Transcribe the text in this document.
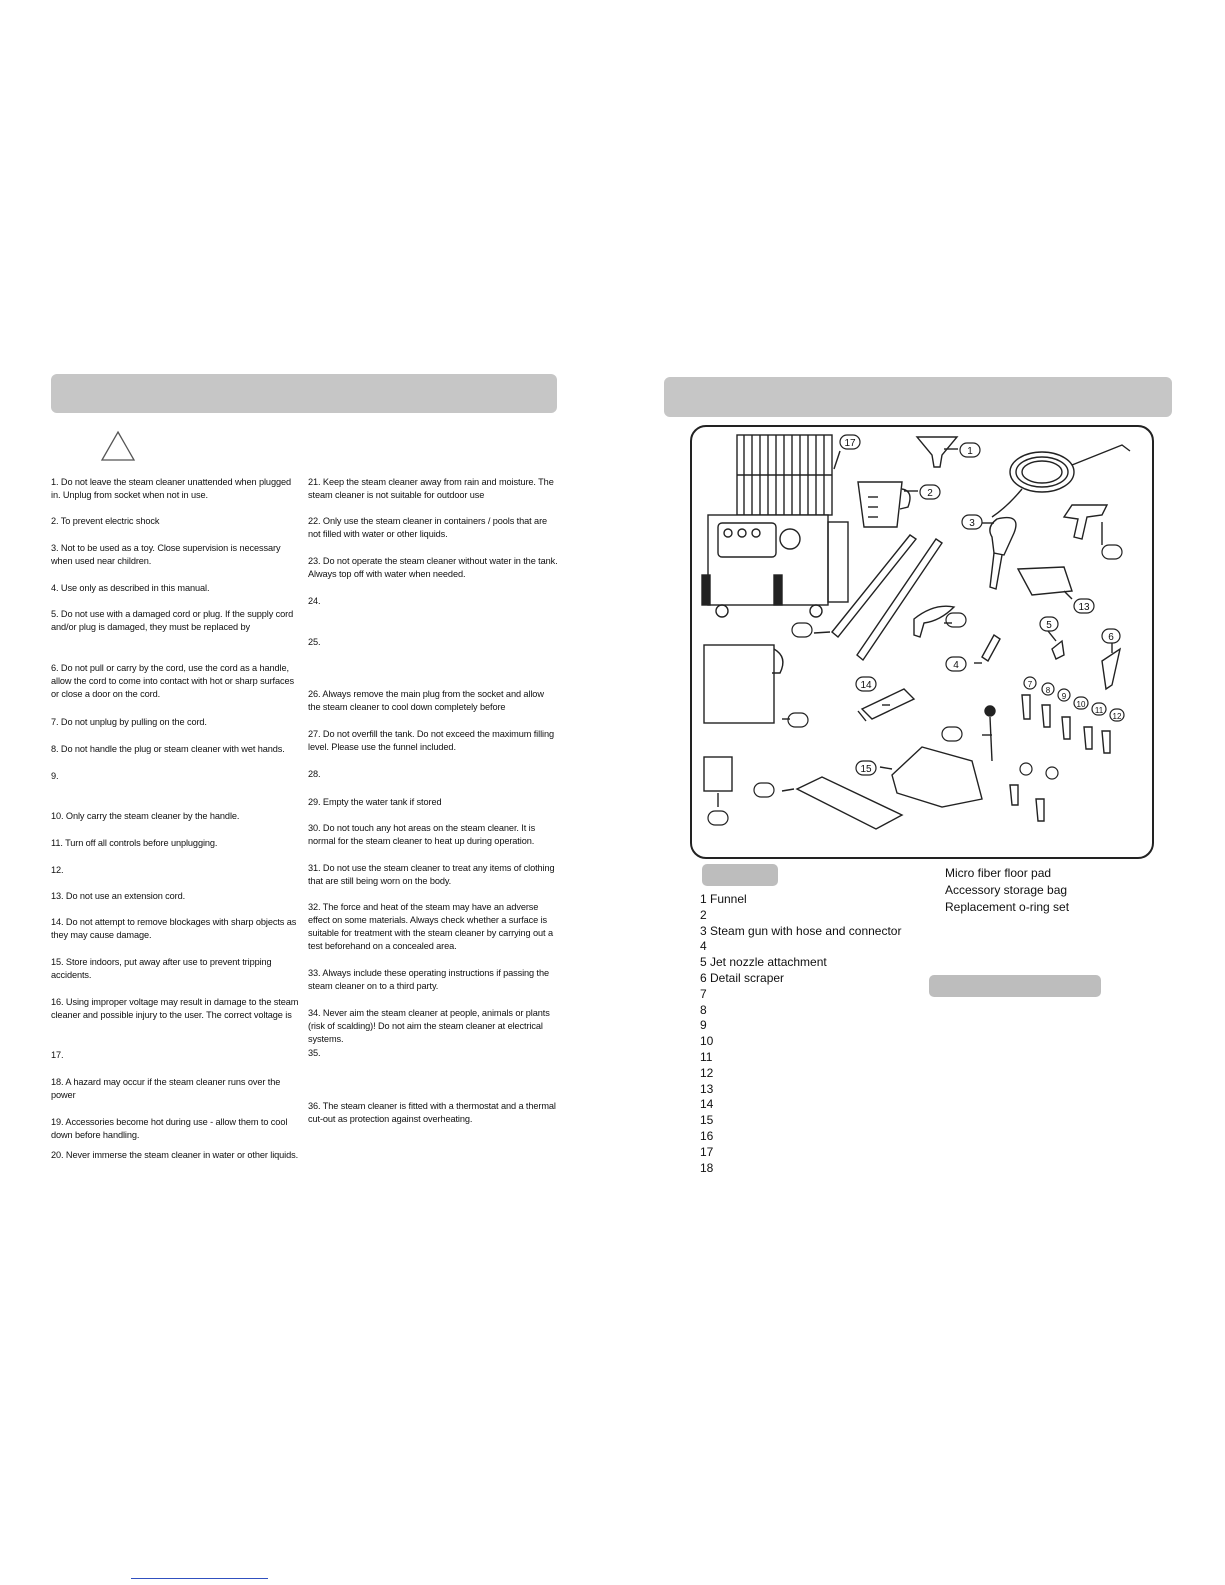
1. Do not leave the steam cleaner unattended when plugged in. Unplug from socket when not in use.
2. To prevent electric shock
3. Not to be used as a toy. Close supervision is necessary when used near children.
4. Use only as described in this manual.
5. Do not use with a damaged cord or plug. If the supply cord and/or plug is damaged, they must be replaced by
6. Do not pull or carry by the cord, use the cord as a handle, allow the cord to come into contact with hot or sharp surfaces or close a door on the cord.
7. Do not unplug by pulling on the cord.
8. Do not handle the plug or steam cleaner with wet hands.
9.
10. Only carry the steam cleaner by the handle.
11. Turn off all controls before unplugging.
12.
13. Do not use an extension cord.
14. Do not attempt to remove blockages with sharp objects as they may cause damage.
15. Store indoors, put away after use to prevent tripping accidents.
16. Using improper voltage may result in damage to the steam cleaner and possible injury to the user. The correct voltage is
17.
18. A hazard may occur if the steam cleaner runs over the power
19. Accessories become hot during use - allow them to cool down before handling.
20. Never immerse the steam cleaner in water or other liquids.
21. Keep the steam cleaner away from rain and moisture. The steam cleaner is not suitable for outdoor use
22. Only use the steam cleaner in containers / pools that are not filled with water or other liquids.
23. Do not operate the steam cleaner without water in the tank. Always top off with water when needed.
24.
25.
26. Always remove the main plug from the socket and allow the steam cleaner to cool down completely before
27. Do not overfill the tank. Do not exceed the maximum filling level. Please use the funnel included.
28.
29. Empty the water tank if stored
30. Do not touch any hot areas on the steam cleaner. It is normal for the steam cleaner to heat up during operation.
31. Do not use the steam cleaner to treat any items of clothing that are still being worn on the body.
32. The force and heat of the steam may have an adverse effect on some materials. Always check whether a surface is suitable for treatment with the steam cleaner by carrying out a test beforehand on a concealed area.
33. Always include these operating instructions if passing the steam cleaner on to a third party.
34. Never aim the steam cleaner at people, animals or plants (risk of scalding)! Do not aim the steam cleaner at electrical systems.
35.
36. The steam cleaner is fitted with a thermostat and a thermal cut-out as protection against overheating.
17
1
2
3
13
5
6
4
7
8
9
10
11
12
14
15
1 Funnel
2
3 Steam gun with hose and connector
4
5 Jet nozzle attachment
6 Detail scraper
7
8
9
10
11
12
13
14
15
16
17
18
Micro fiber floor pad
Accessory storage bag
Replacement o-ring set
